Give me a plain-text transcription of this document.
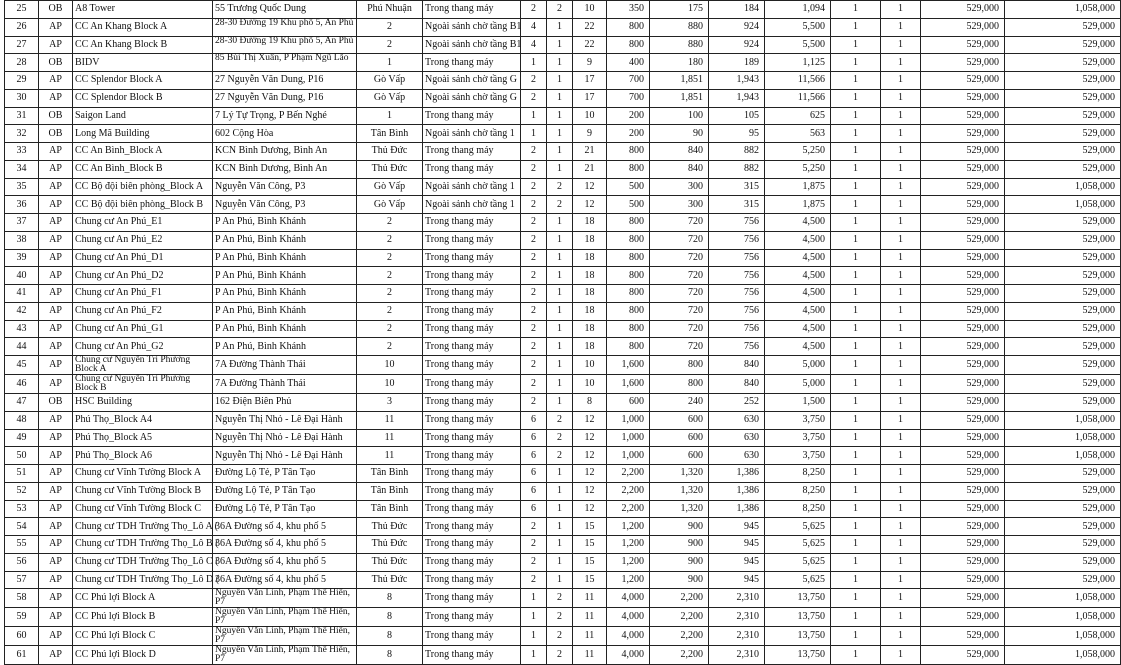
25	OB	A8 Tower	55 Trương Quốc Dung	Phú Nhuận	Trong thang máy	2	2	10	350	175	184	1,094	1	1	529,000	1,058,000
26	AP	CC An Khang Block A	28-30 Đường 19 Khu phố 5, An Phú	2	Ngoài sảnh chờ tầng B1	4	1	22	800	880	924	5,500	1	1	529,000	529,000
27	AP	CC An Khang Block B	28-30 Đường 19 Khu phố 5, An Phú	2	Ngoài sảnh chờ tầng B1	4	1	22	800	880	924	5,500	1	1	529,000	529,000
28	OB	BIDV	85 Bùi Thị Xuân, P Phạm Ngũ Lão	1	Trong thang máy	1	1	9	400	180	189	1,125	1	1	529,000	529,000
29	AP	CC Splendor Block A	27 Nguyễn Văn Dung, P16	Gò Vấp	Ngoài sảnh chờ tầng G	2	1	17	700	1,851	1,943	11,566	1	1	529,000	529,000
30	AP	CC Splendor Block B	27 Nguyễn Văn Dung, P16	Gò Vấp	Ngoài sảnh chờ tầng G	2	1	17	700	1,851	1,943	11,566	1	1	529,000	529,000
31	OB	Saigon Land	7 Lý Tự Trọng, P Bến Nghé	1	Trong thang máy	1	1	10	200	100	105	625	1	1	529,000	529,000
32	OB	Long Mã Building	602 Cộng Hòa	Tân Bình	Ngoài sảnh chờ tầng 1	1	1	9	200	90	95	563	1	1	529,000	529,000
33	AP	CC An Bình_Block A	KCN Bình Dương, Bình An	Thủ Đức	Trong thang máy	2	1	21	800	840	882	5,250	1	1	529,000	529,000
34	AP	CC An Bình_Block B	KCN Bình Dương, Bình An	Thủ Đức	Trong thang máy	2	1	21	800	840	882	5,250	1	1	529,000	529,000
35	AP	CC Bộ đội biên phòng_Block A	Nguyễn Văn Công, P3	Gò Vấp	Ngoài sảnh chờ tầng 1	2	2	12	500	300	315	1,875	1	1	529,000	1,058,000
36	AP	CC Bộ đội biên phòng_Block B	Nguyễn Văn Công, P3	Gò Vấp	Ngoài sảnh chờ tầng 1	2	2	12	500	300	315	1,875	1	1	529,000	1,058,000
37	AP	Chung cư An Phú_E1	P An Phú, Bình Khánh	2	Trong thang máy	2	1	18	800	720	756	4,500	1	1	529,000	529,000
38	AP	Chung cư An Phú_E2	P An Phú, Bình Khánh	2	Trong thang máy	2	1	18	800	720	756	4,500	1	1	529,000	529,000
39	AP	Chung cư An Phú_D1	P An Phú, Bình Khánh	2	Trong thang máy	2	1	18	800	720	756	4,500	1	1	529,000	529,000
40	AP	Chung cư An Phú_D2	P An Phú, Bình Khánh	2	Trong thang máy	2	1	18	800	720	756	4,500	1	1	529,000	529,000
41	AP	Chung cư An Phú_F1	P An Phú, Bình Khánh	2	Trong thang máy	2	1	18	800	720	756	4,500	1	1	529,000	529,000
42	AP	Chung cư An Phú_F2	P An Phú, Bình Khánh	2	Trong thang máy	2	1	18	800	720	756	4,500	1	1	529,000	529,000
43	AP	Chung cư An Phú_G1	P An Phú, Bình Khánh	2	Trong thang máy	2	1	18	800	720	756	4,500	1	1	529,000	529,000
44	AP	Chung cư An Phú_G2	P An Phú, Bình Khánh	2	Trong thang máy	2	1	18	800	720	756	4,500	1	1	529,000	529,000
45	AP	Chung cư Nguyễn Tri Phương Block A	7A Đường Thành Thái	10	Trong thang máy	2	1	10	1,600	800	840	5,000	1	1	529,000	529,000
46	AP	Chung cư Nguyễn Tri Phương Block B	7A Đường Thành Thái	10	Trong thang máy	2	1	10	1,600	800	840	5,000	1	1	529,000	529,000
47	OB	HSC Building	162 Điện Biên Phủ	3	Trong thang máy	2	1	8	600	240	252	1,500	1	1	529,000	529,000
48	AP	Phú Thọ_Block A4	Nguyễn Thị Nhỏ - Lê Đại Hành	11	Trong thang máy	6	2	12	1,000	600	630	3,750	1	1	529,000	1,058,000
49	AP	Phú Thọ_Block A5	Nguyễn Thị Nhỏ - Lê Đại Hành	11	Trong thang máy	6	2	12	1,000	600	630	3,750	1	1	529,000	1,058,000
50	AP	Phú Thọ_Block A6	Nguyễn Thị Nhỏ - Lê Đại Hành	11	Trong thang máy	6	2	12	1,000	600	630	3,750	1	1	529,000	1,058,000
51	AP	Chung cư Vĩnh Tường Block A	Đường Lộ Tẻ, P Tân Tạo	Tân Bình	Trong thang máy	6	1	12	2,200	1,320	1,386	8,250	1	1	529,000	529,000
52	AP	Chung cư Vĩnh Tường Block B	Đường Lộ Tẻ, P Tân Tạo	Tân Bình	Trong thang máy	6	1	12	2,200	1,320	1,386	8,250	1	1	529,000	529,000
53	AP	Chung cư Vĩnh Tường Block C	Đường Lộ Tẻ, P Tân Tạo	Tân Bình	Trong thang máy	6	1	12	2,200	1,320	1,386	8,250	1	1	529,000	529,000
54	AP	Chung cư TDH Trường Thọ_Lô A (	36A Đường số 4, khu phố 5	Thủ Đức	Trong thang máy	2	1	15	1,200	900	945	5,625	1	1	529,000	529,000
55	AP	Chung cư TDH Trường Thọ_Lô B (	36A Đường số 4, khu phố 5	Thủ Đức	Trong thang máy	2	1	15	1,200	900	945	5,625	1	1	529,000	529,000
56	AP	Chung cư TDH Trường Thọ_Lô C (	36A Đường số 4, khu phố 5	Thủ Đức	Trong thang máy	2	1	15	1,200	900	945	5,625	1	1	529,000	529,000
57	AP	Chung cư TDH Trường Thọ_Lô D (	36A Đường số 4, khu phố 5	Thủ Đức	Trong thang máy	2	1	15	1,200	900	945	5,625	1	1	529,000	529,000
58	AP	CC Phú lợi Block A	Nguyễn Văn Linh, Phạm Thế Hiển, P7	8	Trong thang máy	1	2	11	4,000	2,200	2,310	13,750	1	1	529,000	1,058,000
59	AP	CC Phú lợi Block B	Nguyễn Văn Linh, Phạm Thế Hiển, P7	8	Trong thang máy	1	2	11	4,000	2,200	2,310	13,750	1	1	529,000	1,058,000
60	AP	CC Phú lợi Block C	Nguyễn Văn Linh, Phạm Thế Hiển, P7	8	Trong thang máy	1	2	11	4,000	2,200	2,310	13,750	1	1	529,000	1,058,000
61	AP	CC Phú lợi Block D	Nguyễn Văn Linh, Phạm Thế Hiển, P7	8	Trong thang máy	1	2	11	4,000	2,200	2,310	13,750	1	1	529,000	1,058,000
